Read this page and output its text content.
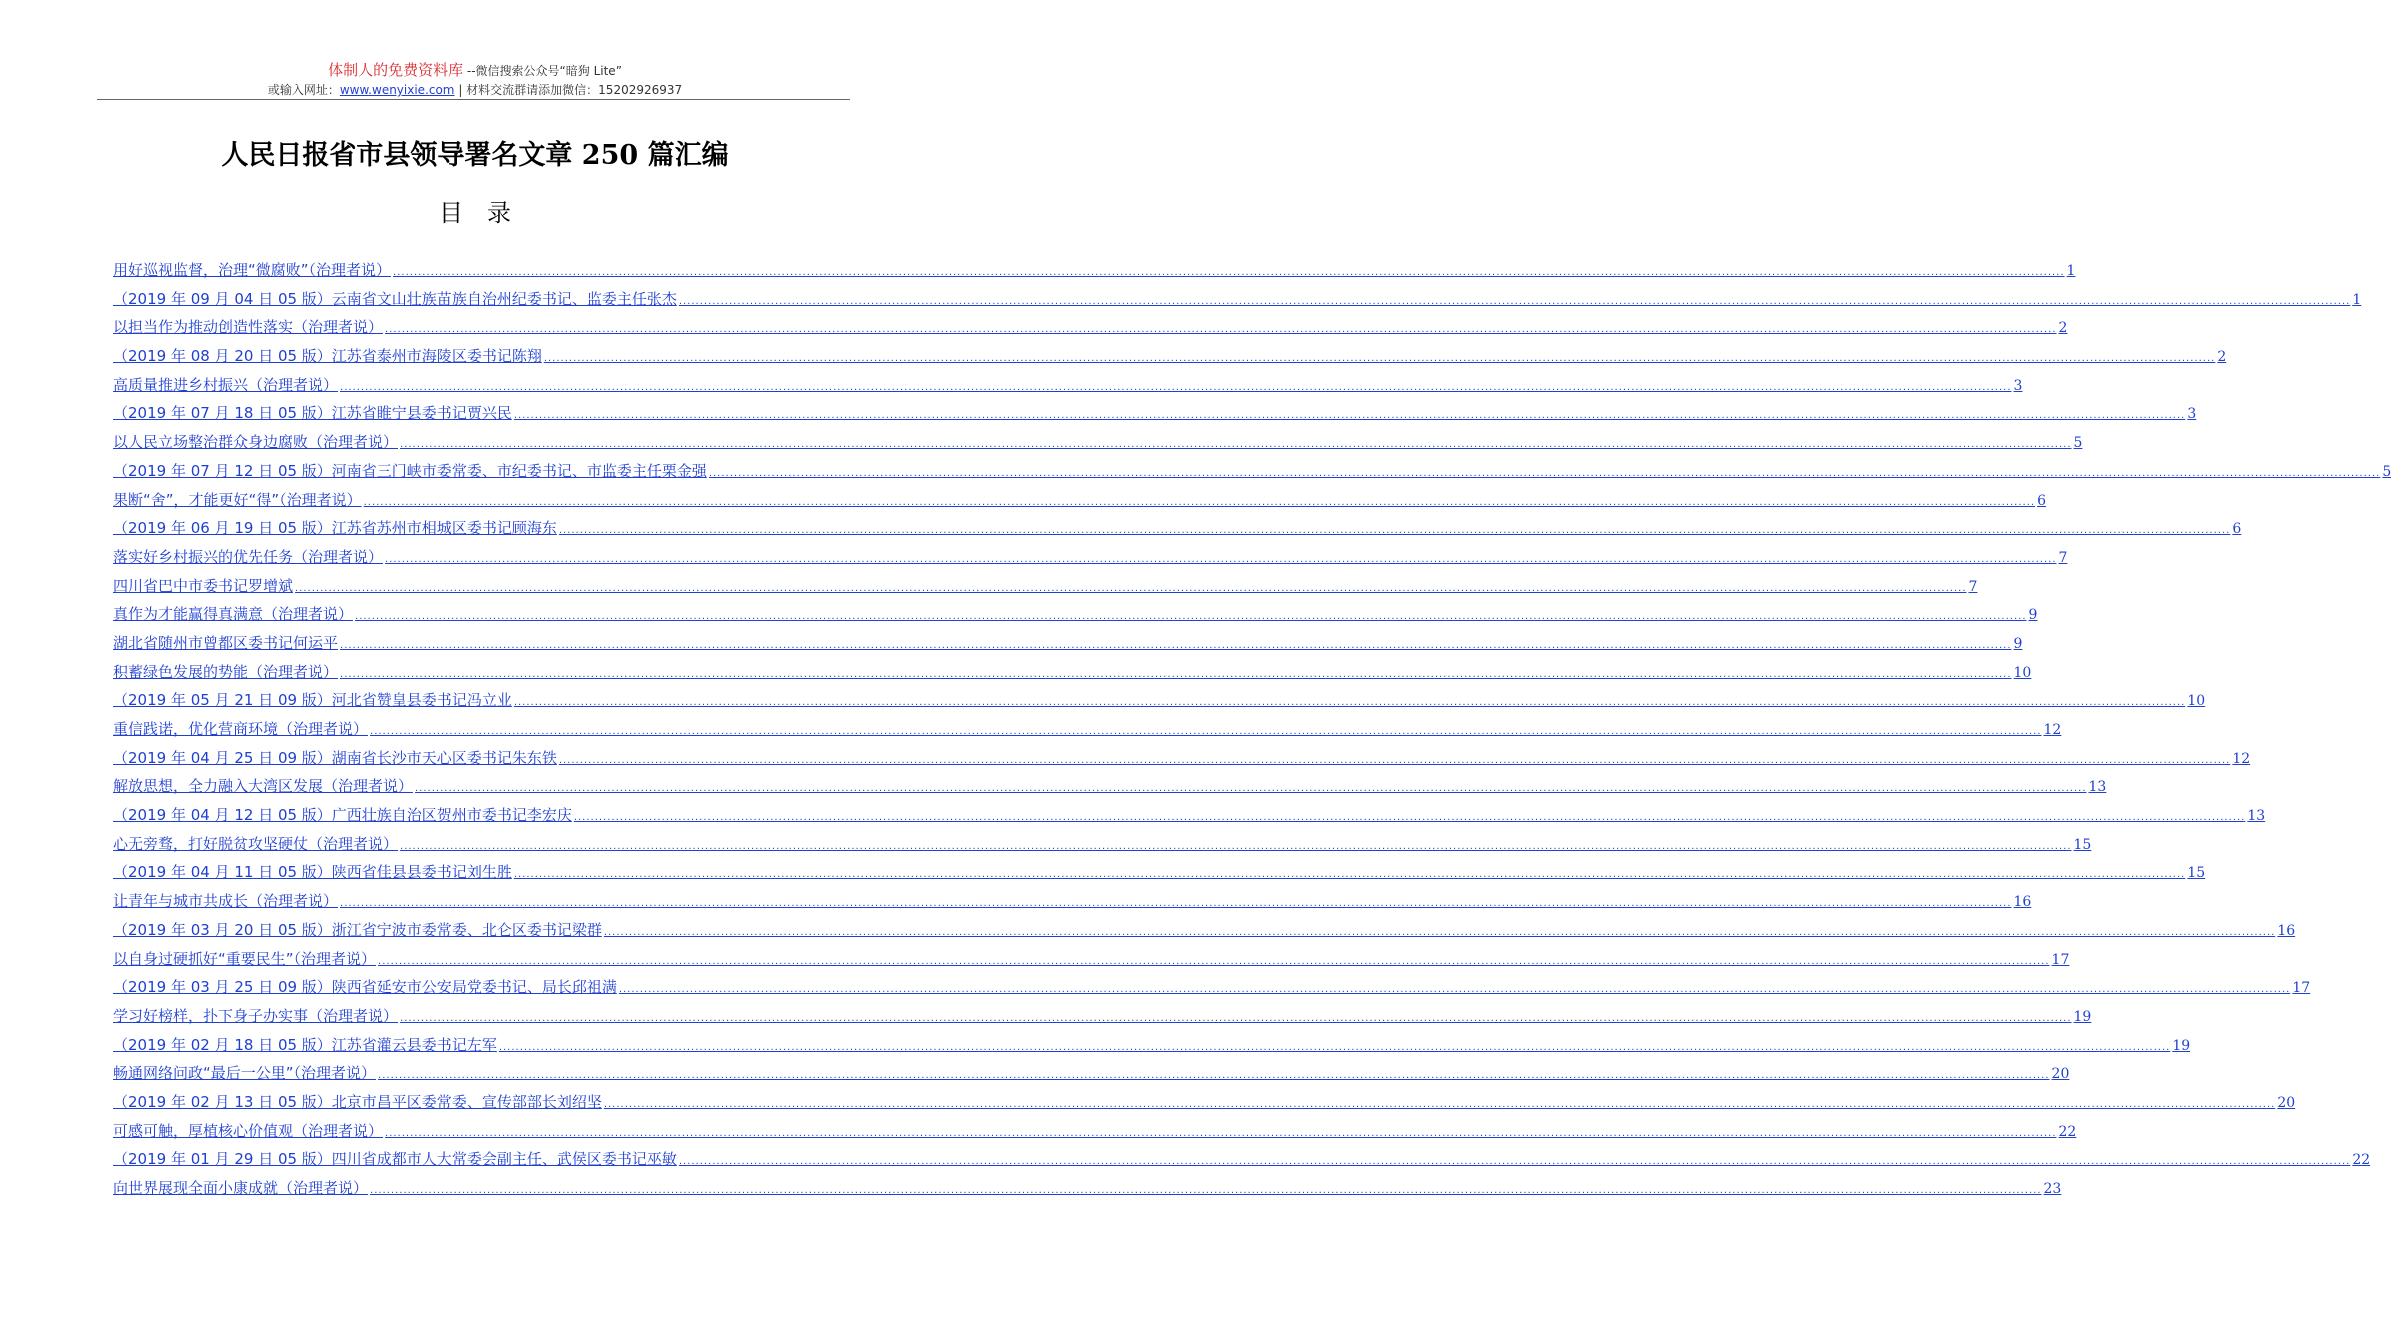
体制人的免费资料库 --微信搜索公众号“暗狗 Lite”
或输入网址：www.wenyixie.com | 材料交流群请添加微信：15202926937
人民日报省市县领导署名文章 250 篇汇编
目　录
用好巡视监督，治理“微腐败”（治理者说） ................................................................................................................................................................................................................................................................................................................................................................................................................ 1
（2019 年 09 月 04 日 05 版）云南省文山壮族苗族自治州纪委书记、监委主任张杰 ................................................................................................................................................................................................................................................................................................................................................................................................................ 1
以担当作为推动创造性落实（治理者说） ................................................................................................................................................................................................................................................................................................................................................................................................................ 2
（2019 年 08 月 20 日 05 版）江苏省泰州市海陵区委书记陈翔 ................................................................................................................................................................................................................................................................................................................................................................................................................ 2
高质量推进乡村振兴（治理者说） ................................................................................................................................................................................................................................................................................................................................................................................................................ 3
（2019 年 07 月 18 日 05 版）江苏省睢宁县委书记贾兴民 ................................................................................................................................................................................................................................................................................................................................................................................................................ 3
以人民立场整治群众身边腐败（治理者说） ................................................................................................................................................................................................................................................................................................................................................................................................................ 5
（2019 年 07 月 12 日 05 版）河南省三门峡市委常委、市纪委书记、市监委主任栗金强 ................................................................................................................................................................................................................................................................................................................................................................................................................ 5
果断“舍”，才能更好“得”（治理者说） ................................................................................................................................................................................................................................................................................................................................................................................................................ 6
（2019 年 06 月 19 日 05 版）江苏省苏州市相城区委书记顾海东 ................................................................................................................................................................................................................................................................................................................................................................................................................ 6
落实好乡村振兴的优先任务（治理者说） ................................................................................................................................................................................................................................................................................................................................................................................................................ 7
四川省巴中市委书记罗增斌 ................................................................................................................................................................................................................................................................................................................................................................................................................ 7
真作为才能赢得真满意（治理者说） ................................................................................................................................................................................................................................................................................................................................................................................................................ 9
湖北省随州市曾都区委书记何运平 ................................................................................................................................................................................................................................................................................................................................................................................................................ 9
积蓄绿色发展的势能（治理者说） ................................................................................................................................................................................................................................................................................................................................................................................................................ 10
（2019 年 05 月 21 日 09 版）河北省赞皇县委书记冯立业 ................................................................................................................................................................................................................................................................................................................................................................................................................ 10
重信践诺，优化营商环境（治理者说） ................................................................................................................................................................................................................................................................................................................................................................................................................ 12
（2019 年 04 月 25 日 09 版）湖南省长沙市天心区委书记朱东铁 ................................................................................................................................................................................................................................................................................................................................................................................................................ 12
解放思想，全力融入大湾区发展（治理者说） ................................................................................................................................................................................................................................................................................................................................................................................................................ 13
（2019 年 04 月 12 日 05 版）广西壮族自治区贺州市委书记李宏庆 ................................................................................................................................................................................................................................................................................................................................................................................................................ 13
心无旁骛，打好脱贫攻坚硬仗（治理者说） ................................................................................................................................................................................................................................................................................................................................................................................................................ 15
（2019 年 04 月 11 日 05 版）陕西省佳县县委书记刘生胜 ................................................................................................................................................................................................................................................................................................................................................................................................................ 15
让青年与城市共成长（治理者说） ................................................................................................................................................................................................................................................................................................................................................................................................................ 16
（2019 年 03 月 20 日 05 版）浙江省宁波市委常委、北仑区委书记梁群 ................................................................................................................................................................................................................................................................................................................................................................................................................ 16
以自身过硬抓好“重要民生”（治理者说） ................................................................................................................................................................................................................................................................................................................................................................................................................ 17
（2019 年 03 月 25 日 09 版）陕西省延安市公安局党委书记、局长邱祖满 ................................................................................................................................................................................................................................................................................................................................................................................................................ 17
学习好榜样，扑下身子办实事（治理者说） ................................................................................................................................................................................................................................................................................................................................................................................................................ 19
（2019 年 02 月 18 日 05 版）江苏省灌云县委书记左军 ................................................................................................................................................................................................................................................................................................................................................................................................................ 19
畅通网络问政“最后一公里”（治理者说） ................................................................................................................................................................................................................................................................................................................................................................................................................ 20
（2019 年 02 月 13 日 05 版）北京市昌平区委常委、宣传部部长刘绍坚 ................................................................................................................................................................................................................................................................................................................................................................................................................ 20
可感可触，厚植核心价值观（治理者说） ................................................................................................................................................................................................................................................................................................................................................................................................................ 22
（2019 年 01 月 29 日 05 版）四川省成都市人大常委会副主任、武侯区委书记巫敏 ................................................................................................................................................................................................................................................................................................................................................................................................................ 22
向世界展现全面小康成就（治理者说） ................................................................................................................................................................................................................................................................................................................................................................................................................ 23
